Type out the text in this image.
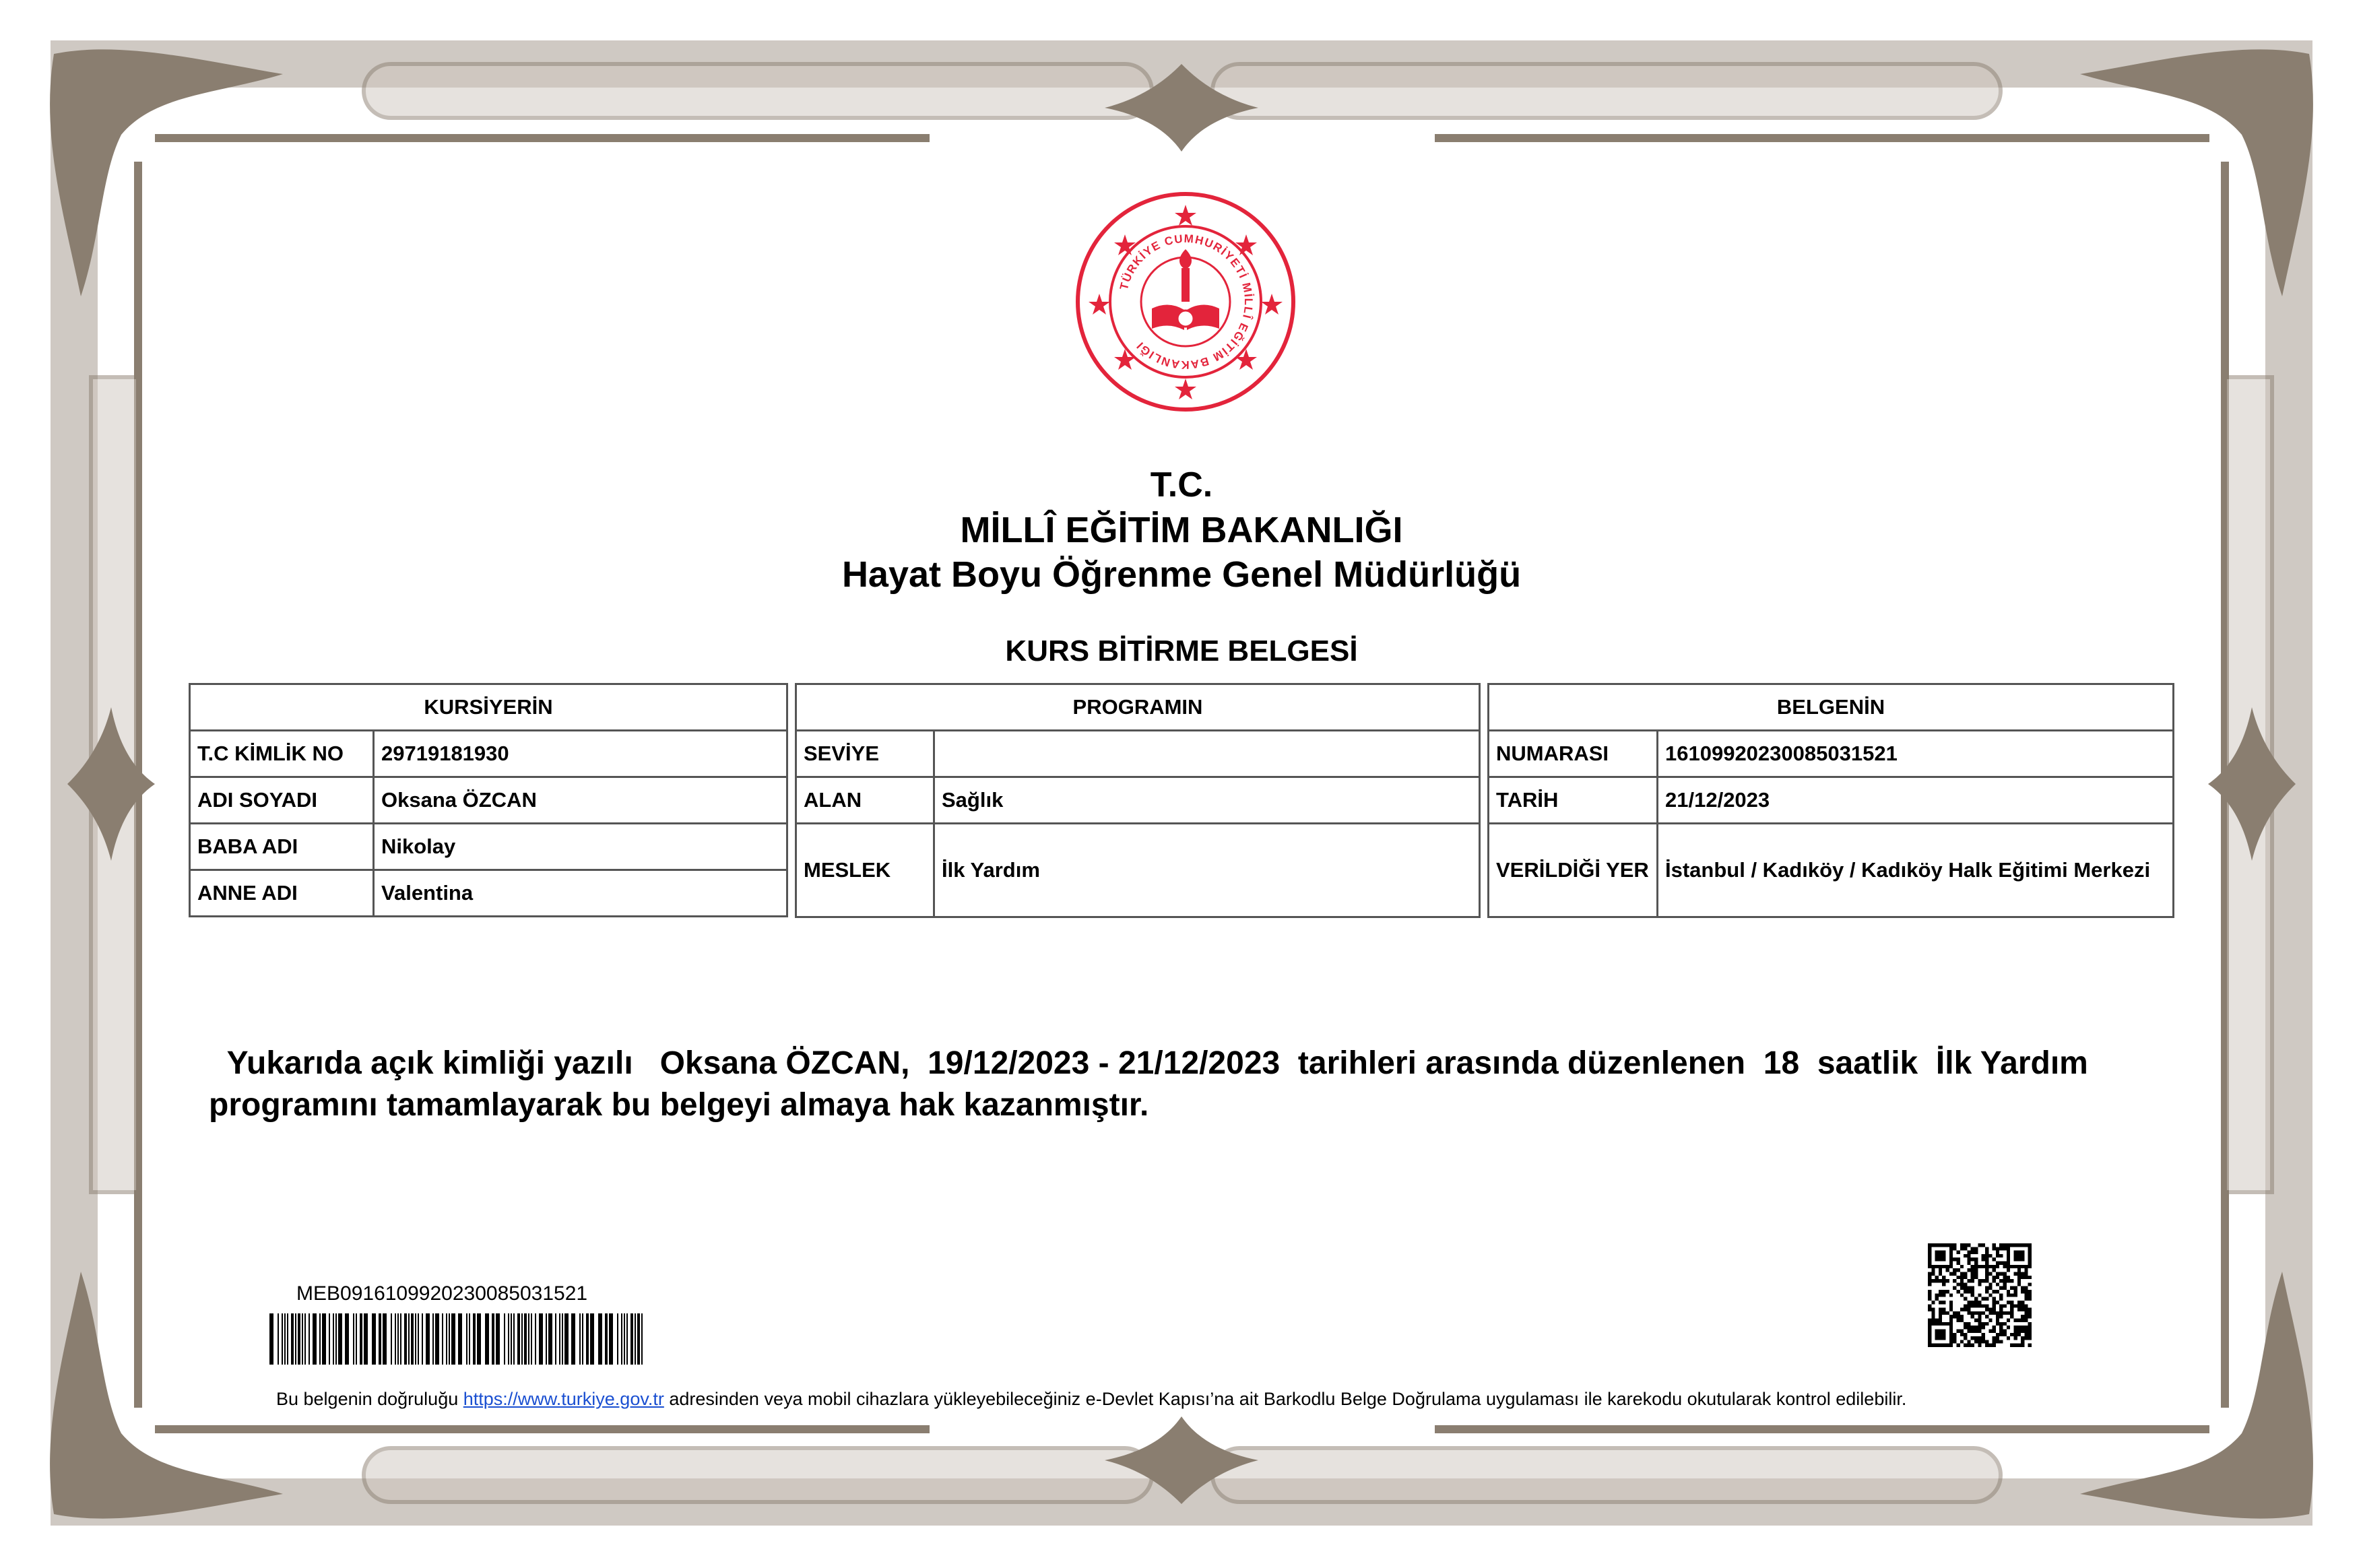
TÜRKİYE CUMHURİYETİ MİLLÎ EĞİTİM BAKANLIĞI
T.C.
MİLLÎ EĞİTİM BAKANLIĞI
Hayat Boyu Öğrenme Genel Müdürlüğü
KURS BİTİRME BELGESİ
KURSİYERİN	
T.C KİMLİK NO	29719181930
ADI SOYADI	Oksana ÖZCAN
BABA ADI	Nikolay
ANNE ADI	Valentina
PROGRAMIN	
SEVİYE	
ALAN	Sağlık
MESLEK	İlk Yardım
BELGENİN	
NUMARASI	16109920230085031521
TARİH	21/12/2023
VERİLDİĞİ YER	İstanbul / Kadıköy / Kadıköy Halk Eğitimi Merkezi
Yukarıda açık kimliği yazılı   Oksana ÖZCAN,  19/12/2023 - 21/12/2023  tarihleri arasında düzenlenen  18  saatlik  İlk Yardım programını tamamlayarak bu belgeyi almaya hak kazanmıştır.
MEB0916109920230085031521
Bu belgenin doğruluğu https://www.turkiye.gov.tr adresinden veya mobil cihazlara yükleyebileceğiniz e-Devlet Kapısı’na ait Barkodlu Belge Doğrulama uygulaması ile karekodu okutularak kontrol edilebilir.
